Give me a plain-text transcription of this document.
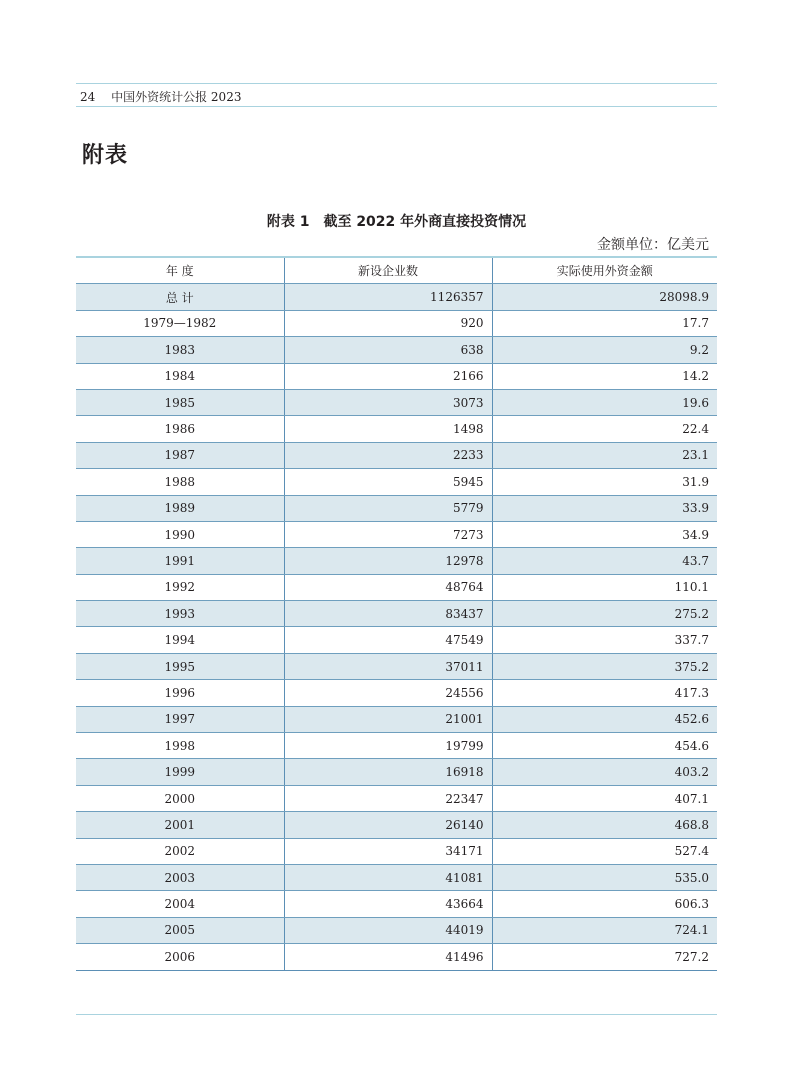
24 中国外资统计公报 2023
附表
附表 1　截至 2022 年外商直接投资情况
金额单位：亿美元
年 度	新设企业数	实际使用外资金额
总 计	1126357	28098.9
1979—1982	920	17.7
1983	638	9.2
1984	2166	14.2
1985	3073	19.6
1986	1498	22.4
1987	2233	23.1
1988	5945	31.9
1989	5779	33.9
1990	7273	34.9
1991	12978	43.7
1992	48764	110.1
1993	83437	275.2
1994	47549	337.7
1995	37011	375.2
1996	24556	417.3
1997	21001	452.6
1998	19799	454.6
1999	16918	403.2
2000	22347	407.1
2001	26140	468.8
2002	34171	527.4
2003	41081	535.0
2004	43664	606.3
2005	44019	724.1
2006	41496	727.2
